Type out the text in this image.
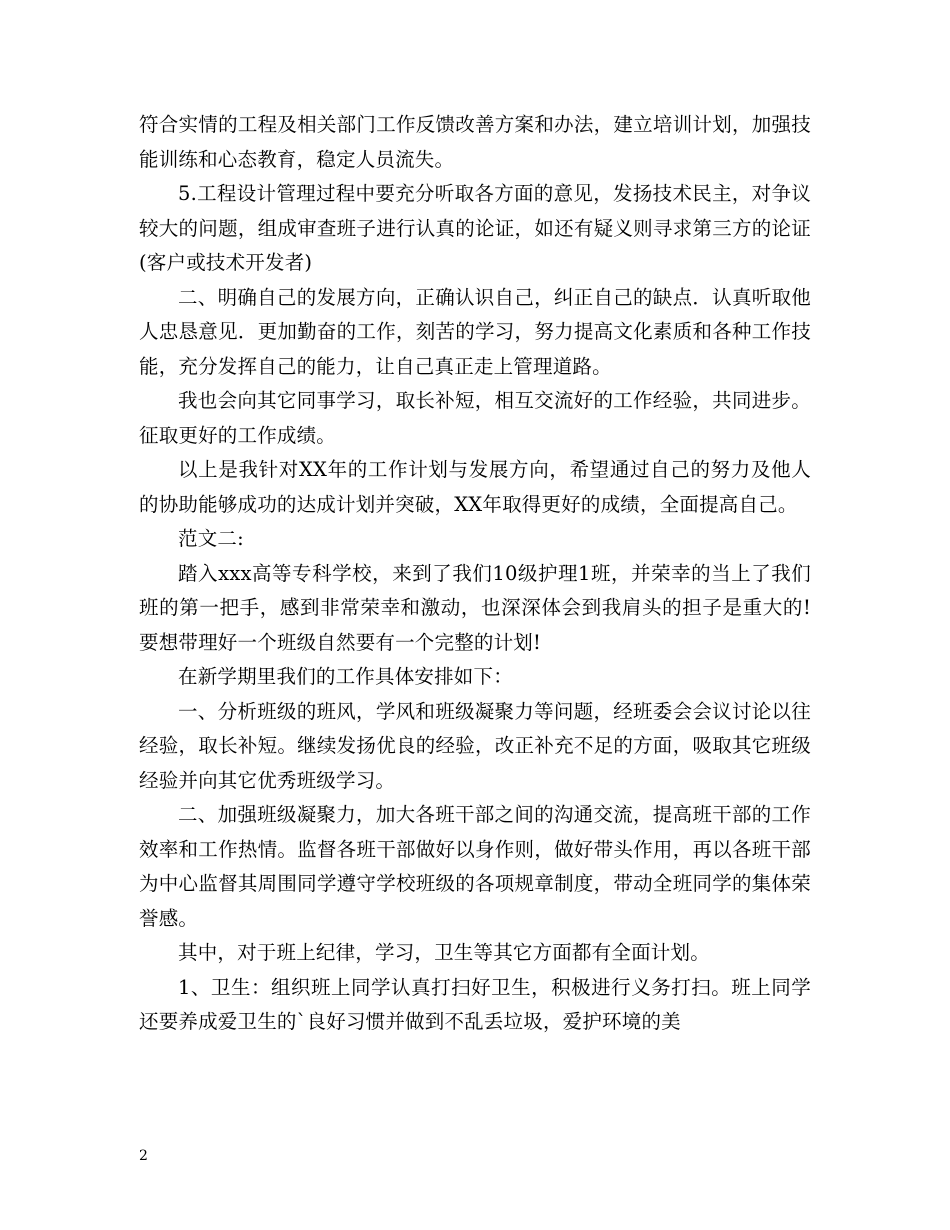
符合实情的工程及相关部门工作反馈改善方案和办法，建立培训计划，加强技能训练和心态教育，稳定人员流失。

5.工程设计管理过程中要充分听取各方面的意见，发扬技术民主，对争议较大的问题，组成审查班子进行认真的论证，如还有疑义则寻求第三方的论证(客户或技术开发者)

二、明确自己的发展方向，正确认识自己，纠正自己的缺点．认真听取他人忠恳意见．更加勤奋的工作，刻苦的学习，努力提高文化素质和各种工作技能，充分发挥自己的能力，让自己真正走上管理道路。

我也会向其它同事学习，取长补短，相互交流好的工作经验，共同进步。征取更好的工作成绩。

以上是我针对XX年的工作计划与发展方向，希望通过自己的努力及他人的协助能够成功的达成计划并突破，XX年取得更好的成绩，全面提高自己。

范文二:

踏入xxx高等专科学校，来到了我们10级护理1班，并荣幸的当上了我们班的第一把手，感到非常荣幸和激动，也深深体会到我肩头的担子是重大的!要想带理好一个班级自然要有一个完整的计划!

在新学期里我们的工作具体安排如下：

一、分析班级的班风，学风和班级凝聚力等问题，经班委会会议讨论以往经验，取长补短。继续发扬优良的经验，改正补充不足的方面，吸取其它班级经验并向其它优秀班级学习。

二、加强班级凝聚力，加大各班干部之间的沟通交流，提高班干部的工作效率和工作热情。监督各班干部做好以身作则，做好带头作用，再以各班干部为中心监督其周围同学遵守学校班级的各项规章制度，带动全班同学的集体荣誉感。

其中，对于班上纪律，学习，卫生等其它方面都有全面计划。

1、卫生：组织班上同学认真打扫好卫生，积极进行义务打扫。班上同学还要养成爱卫生的`良好习惯并做到不乱丢垃圾，爱护环境的美

2
